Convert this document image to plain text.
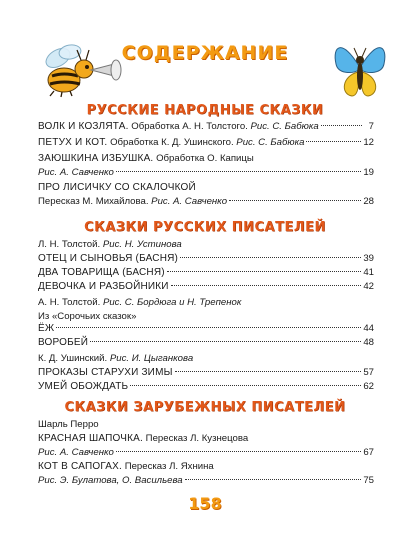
СОДЕРЖАНИЕ
РУССКИЕ НАРОДНЫЕ СКАЗКИ
ВОЛК И КОЗЛЯТА.
Обработка А. Н. Толстого.
Рис. С. Бабюка	7
ПЕТУХ И КОТ.
Обработка К. Д. Ушинского.
Рис. С. Бабюка	12
ЗАЮШКИНА ИЗБУШКА.
Обработка О. Капицы
Рис. А. Савченко	19
ПРО ЛИСИЧКУ СО СКАЛОЧКОЙ
Пересказ М. Михайлова.
Рис. А. Савченко	28
СКАЗКИ РУССКИХ ПИСАТЕЛЕЙ
Л. Н. Толстой.
Рис. Н. Устинова
ОТЕЦ И СЫНОВЬЯ (БАСНЯ)	39
ДВА ТОВАРИЩА (БАСНЯ)	41
ДЕВОЧКА И РАЗБОЙНИКИ	42
А. Н. Толстой.
Рис. С. Бордюга и Н. Трепенок
Из «Сорочьих сказок»
ЁЖ	44
ВОРОБЕЙ	48
К. Д. Ушинский.
Рис. И. Цыганкова
ПРОКАЗЫ СТАРУХИ ЗИМЫ	57
УМЕЙ ОБОЖДАТЬ	62
СКАЗКИ ЗАРУБЕЖНЫХ ПИСАТЕЛЕЙ
Шарль Перро
КРАСНАЯ ШАПОЧКА.
Пересказ Л. Кузнецова
Рис. А. Савченко	67
КОТ В САПОГАХ.
Пересказ Л. Яхнина
Рис. Э. Булатова, О. Васильева	75
158
